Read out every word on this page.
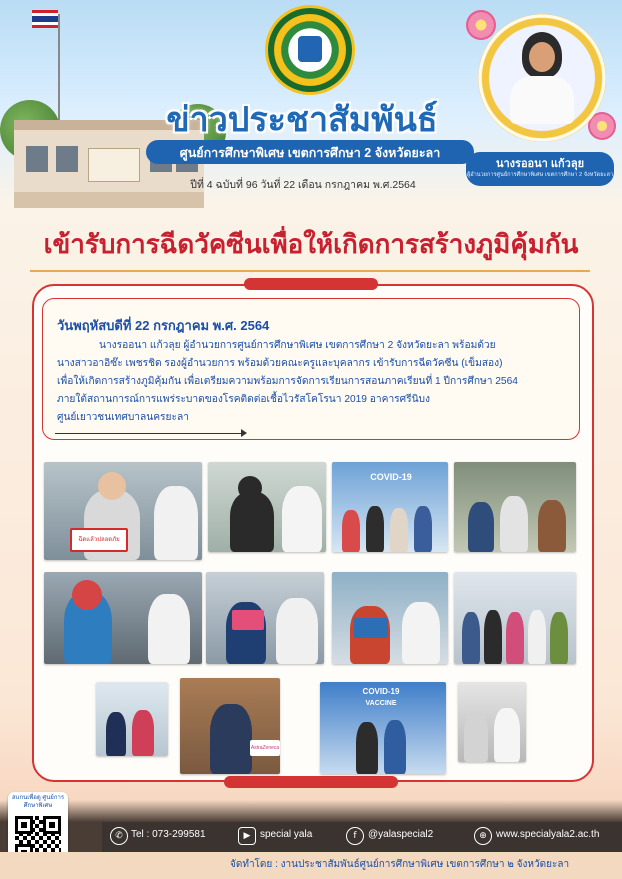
ข่าวประชาสัมพันธ์
ศูนย์การศึกษาพิเศษ เขตการศึกษา 2 จังหวัดยะลา
ปีที่ 4 ฉบับที่ 96 วันที่ 22 เดือน กรกฎาคม พ.ศ.2564
นางรออนา แก้วลุย
ผู้อำนวยการศูนย์การศึกษาพิเศษ เขตการศึกษา 2 จังหวัดยะลา
เข้ารับการฉีดวัคซีนเพื่อให้เกิดการสร้างภูมิคุ้มกัน
วันพฤหัสบดีที่ 22 กรกฎาคม พ.ศ. 2564
นางรออนา แก้วลุย ผู้อำนวยการศูนย์การศึกษาพิเศษ เขตการศึกษา 2 จังหวัดยะลา พร้อมด้วย
นางสาวอาอิซ๊ะ เพชรชิด รองผู้อำนวยการ พร้อมด้วยคณะครูและบุคลากร เข้ารับการฉีดวัคซีน (เข็มสอง)
เพื่อให้เกิดการสร้างภูมิคุ้มกัน เพื่อเตรียมความพร้อมการจัดการเรียนการสอนภาคเรียนที่ 1 ปีการศึกษา 2564
ภายใต้สถานการณ์การแพร่ระบาดของโรคติดต่อเชื้อไวรัสโคโรนา 2019 อาคารศรีนิบง
ศูนย์เยาวชนเทศบาลนครยะลา
ฉีดแล้วปลอดภัย
COVID-19
AstraZeneca
COVID-19
VACCINE
สแกนเพื่อดู ศูนย์การศึกษาพิเศษ
✆ Tel : 073-299581	▶ special yala	f	@yalaspecial2	⊕ www.specialyala2.ac.th
จัดทำโดย : งานประชาสัมพันธ์ศูนย์การศึกษาพิเศษ เขตการศึกษา ๒ จังหวัดยะลา
